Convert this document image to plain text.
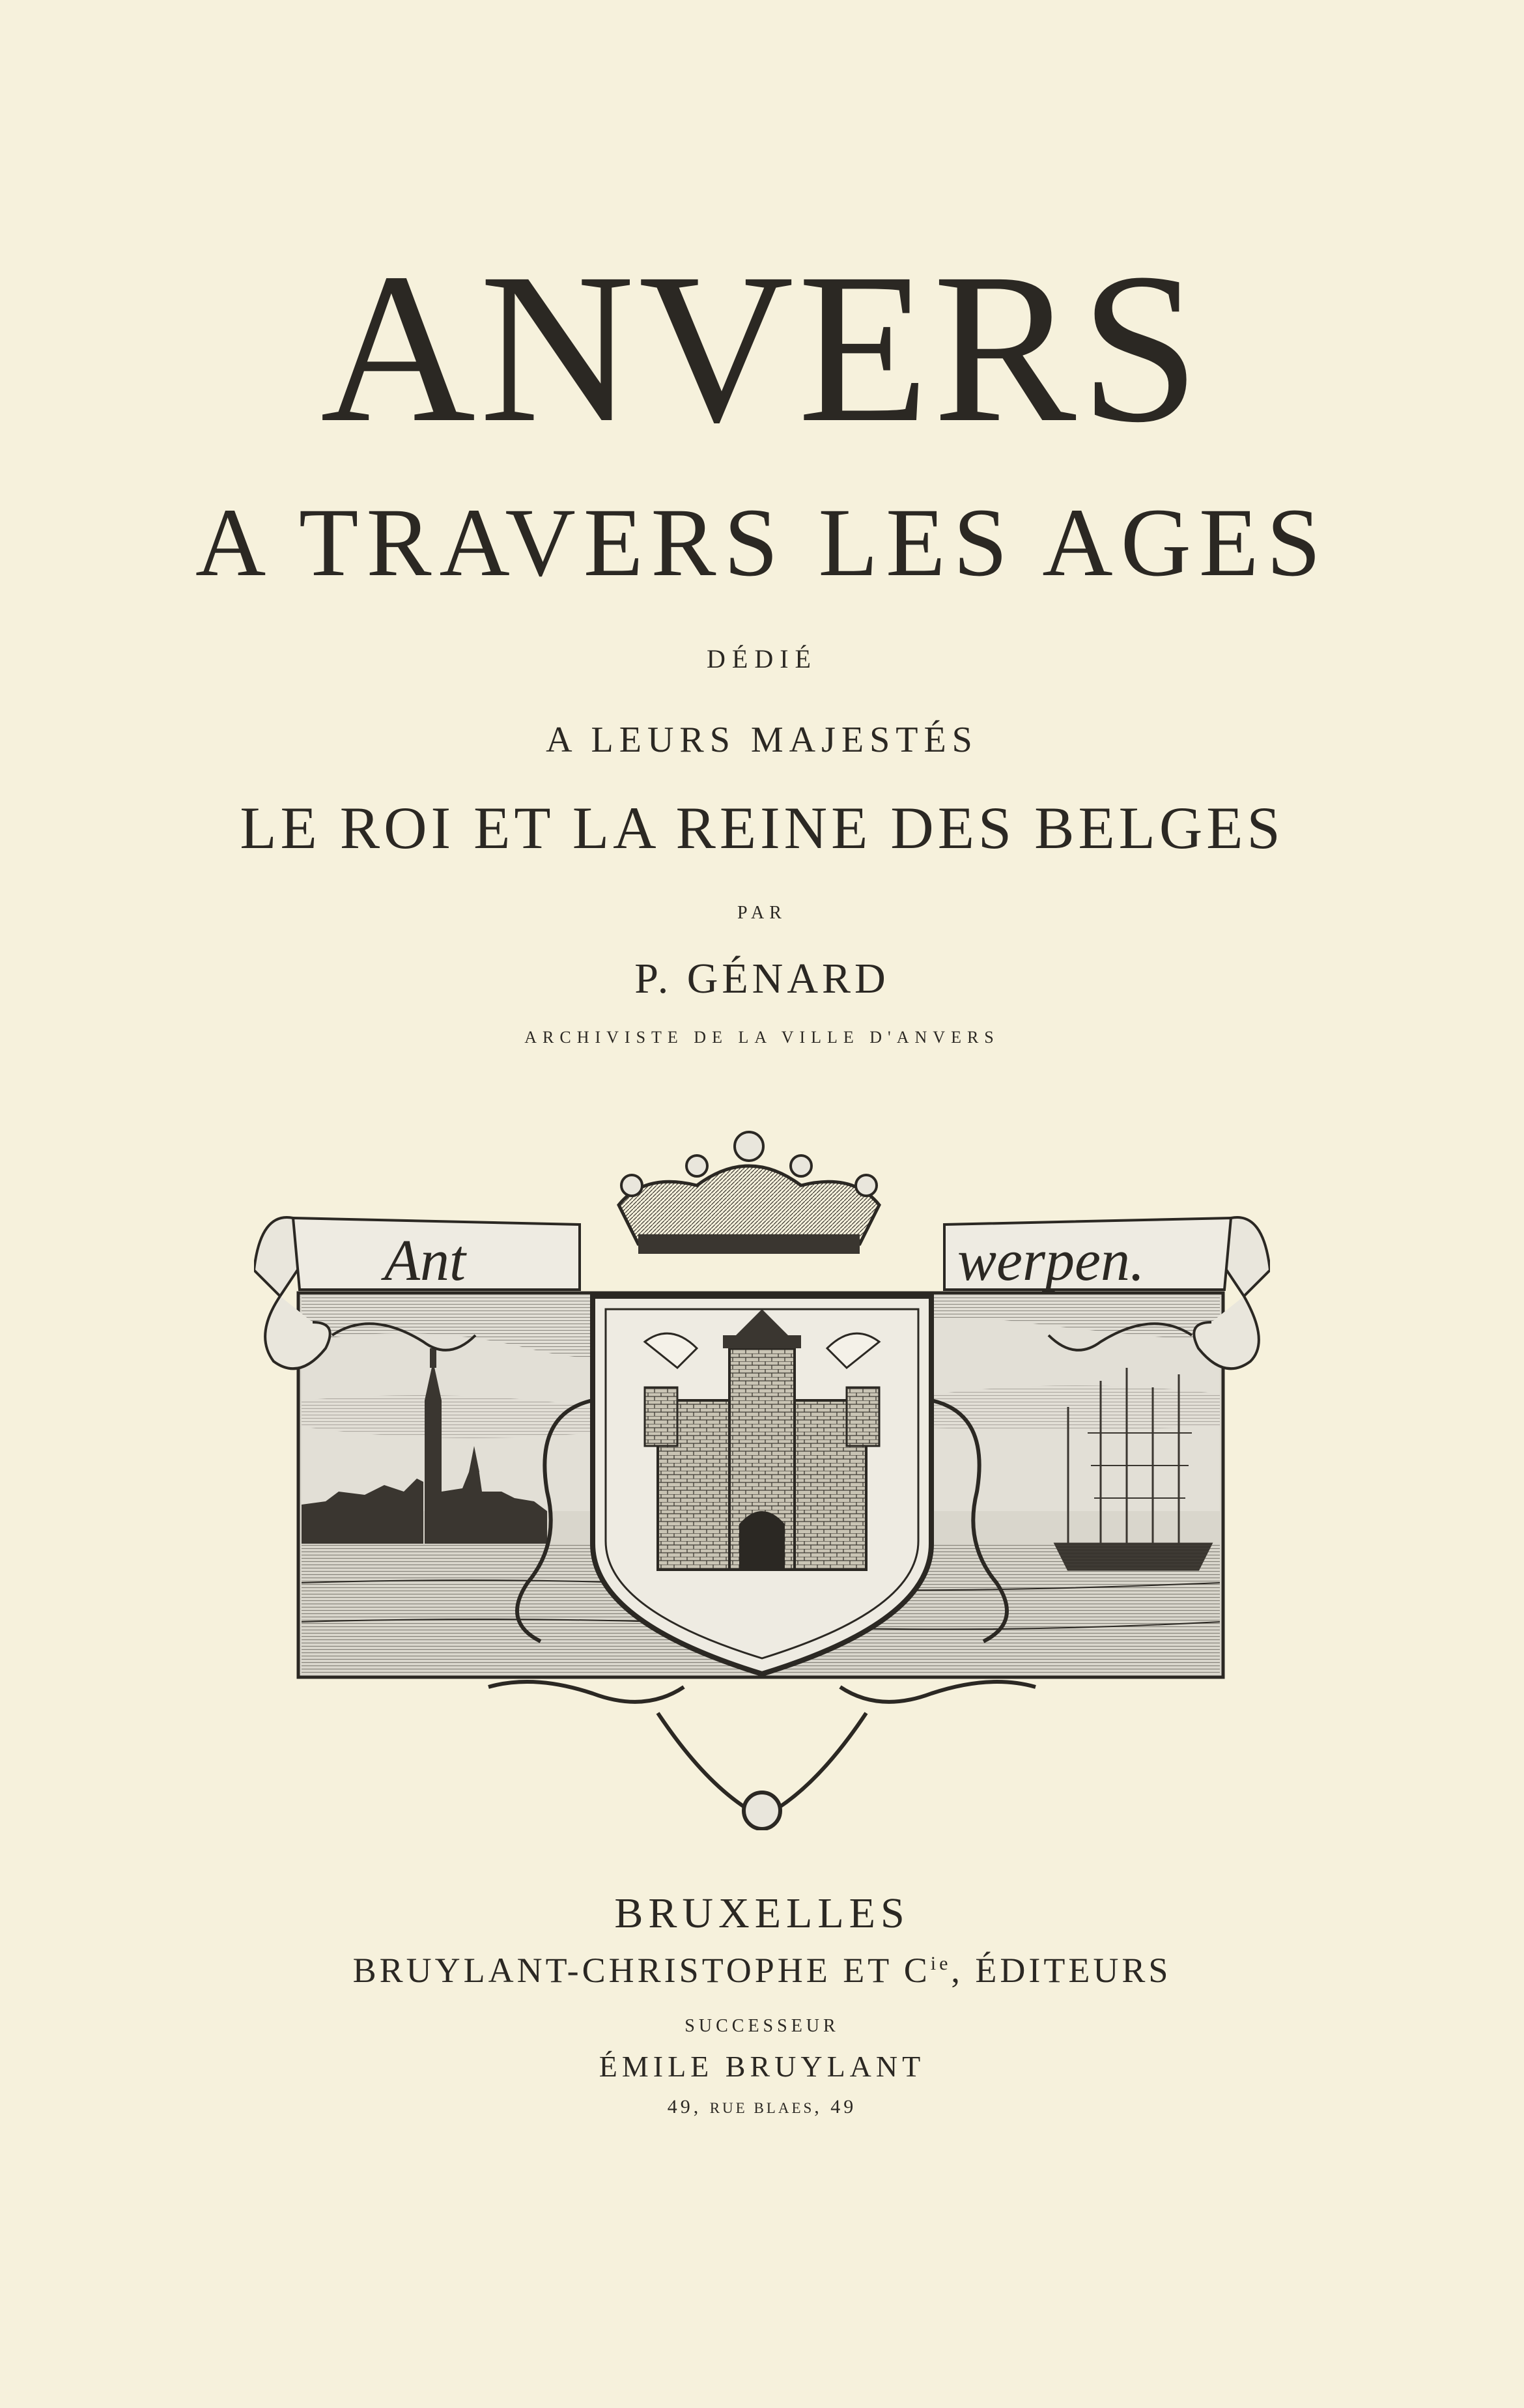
ANVERS
A TRAVERS LES AGES
DÉDIÉ
A LEURS MAJESTÉS
LE ROI ET LA REINE DES BELGES
PAR
P. GÉNARD
ARCHIVISTE DE LA VILLE D'ANVERS
Ant	werpen.
BRUXELLES
BRUYLANT-CHRISTOPHE ET $C^{ie}$, ÉDITEURS
SUCCESSEUR
ÉMILE BRUYLANT
49, RUE BLAES, 49
